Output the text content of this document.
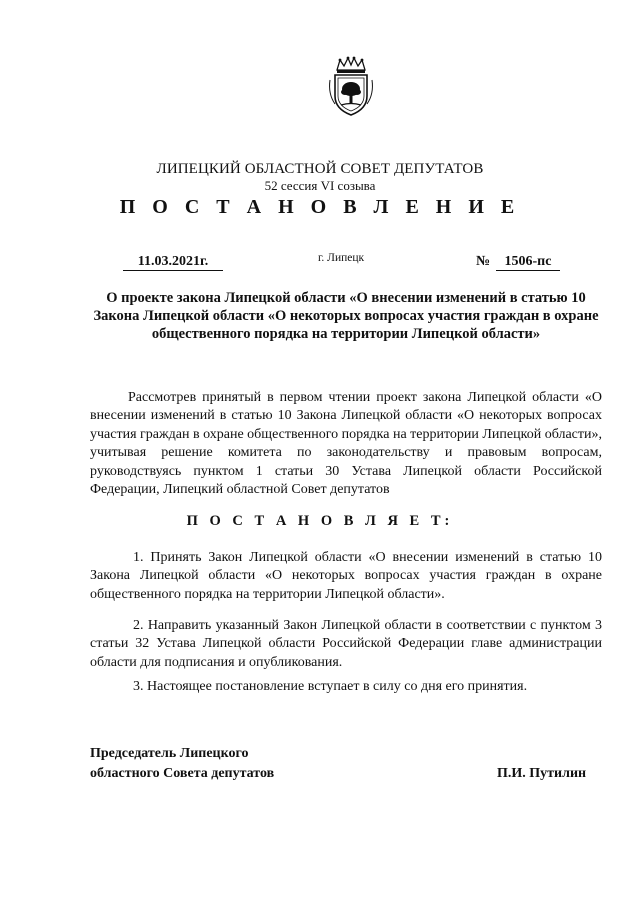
ЛИПЕЦКИЙ ОБЛАСТНОЙ СОВЕТ ДЕПУТАТОВ
52 сессия VI созыва
П О С Т А Н О В Л Е Н И Е
11.03.2021г.	г. Липецк	№	1506-пс
О проекте закона Липецкой области «О внесении изменений в статью 10 Закона Липецкой области «О некоторых вопросах участия граждан в охране общественного порядка на территории Липецкой области»
Рассмотрев принятый в первом чтении проект закона Липецкой области «О внесении изменений в статью 10 Закона Липецкой области «О некоторых вопросах участия граждан в охране общественного порядка на территории Липецкой области», учитывая решение комитета по законодательству и правовым вопросам, руководствуясь пунктом 1 статьи 30 Устава Липецкой области Российской Федерации, Липецкий областной Совет депутатов
П О С Т А Н О В Л Я Е Т:
1. Принять Закон Липецкой области «О внесении изменений в статью 10 Закона Липецкой области «О некоторых вопросах участия граждан в охране общественного порядка на территории Липецкой области».
2. Направить указанный Закон Липецкой области в соответствии с пунктом 3 статьи 32 Устава Липецкой области Российской Федерации главе администрации области для подписания и опубликования.
3. Настоящее постановление вступает в силу со дня его принятия.
Председатель Липецкого
областного Совета депутатов	П.И. Путилин
